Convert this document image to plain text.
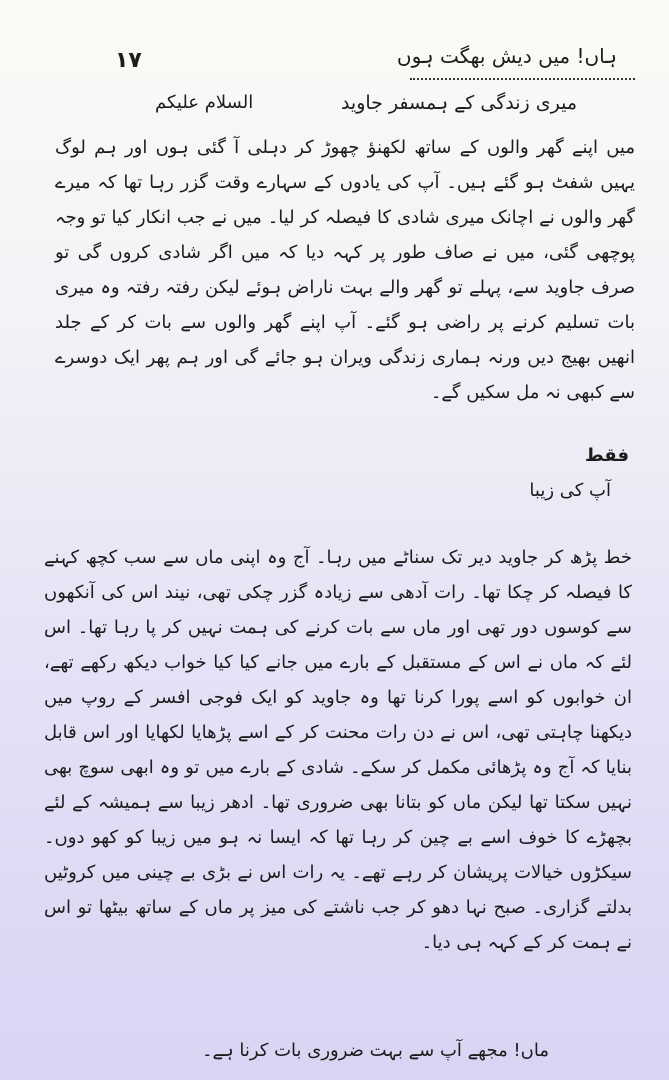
١٧	ہاں! میں دیش بھگت ہوں
میری زندگی کے ہمسفر جاوید
السلام علیکم

میں اپنے گھر والوں کے ساتھ لکھنؤ چھوڑ کر دہلی آ گئی ہوں اور ہم لوگ یہیں شفٹ ہو گئے ہیں۔ آپ کی یادوں کے سہارے وقت گزر رہا تھا کہ میرے گھر والوں نے اچانک میری شادی کا فیصلہ کر لیا۔ میں نے جب انکار کیا تو وجہ پوچھی گئی، میں نے صاف طور پر کہہ دیا کہ میں اگر شادی کروں گی تو صرف جاوید سے، پہلے تو گھر والے بہت ناراض ہوئے لیکن رفتہ رفتہ وہ میری بات تسلیم کرنے پر راضی ہو گئے۔ آپ اپنے گھر والوں سے بات کر کے جلد انھیں بھیج دیں ورنہ ہماری زندگی ویران ہو جائے گی اور ہم پھر ایک دوسرے سے کبھی نہ مل سکیں گے۔

فقط
آپ کی زیبا

خط پڑھ کر جاوید دیر تک سناٹے میں رہا۔ آج وہ اپنی ماں سے سب کچھ کہنے کا فیصلہ کر چکا تھا۔ رات آدھی سے زیادہ گزر چکی تھی، نیند اس کی آنکھوں سے کوسوں دور تھی اور ماں سے بات کرنے کی ہمت نہیں کر پا رہا تھا۔ اس لئے کہ ماں نے اس کے مستقبل کے بارے میں جانے کیا کیا خواب دیکھ رکھے تھے، ان خوابوں کو اسے پورا کرنا تھا وہ جاوید کو ایک فوجی افسر کے روپ میں دیکھنا چاہتی تھی، اس نے دن رات محنت کر کے اسے پڑھایا لکھایا اور اس قابل بنایا کہ آج وہ پڑھائی مکمل کر سکے۔ شادی کے بارے میں تو وہ ابھی سوچ بھی نہیں سکتا تھا لیکن ماں کو بتانا بھی ضروری تھا۔ ادھر زیبا سے ہمیشہ کے لئے بچھڑے کا خوف اسے بے چین کر رہا تھا کہ ایسا نہ ہو میں زیبا کو کھو دوں۔ سیکڑوں خیالات پریشان کر رہے تھے۔ یہ رات اس نے بڑی بے چینی میں کروٹیں بدلتے گزاری۔ صبح نہا دھو کر جب ناشتے کی میز پر ماں کے ساتھ بیٹھا تو اس نے ہمت کر کے کہہ ہی دیا۔

ماں! مجھے آپ سے بہت ضروری بات کرنا ہے۔
